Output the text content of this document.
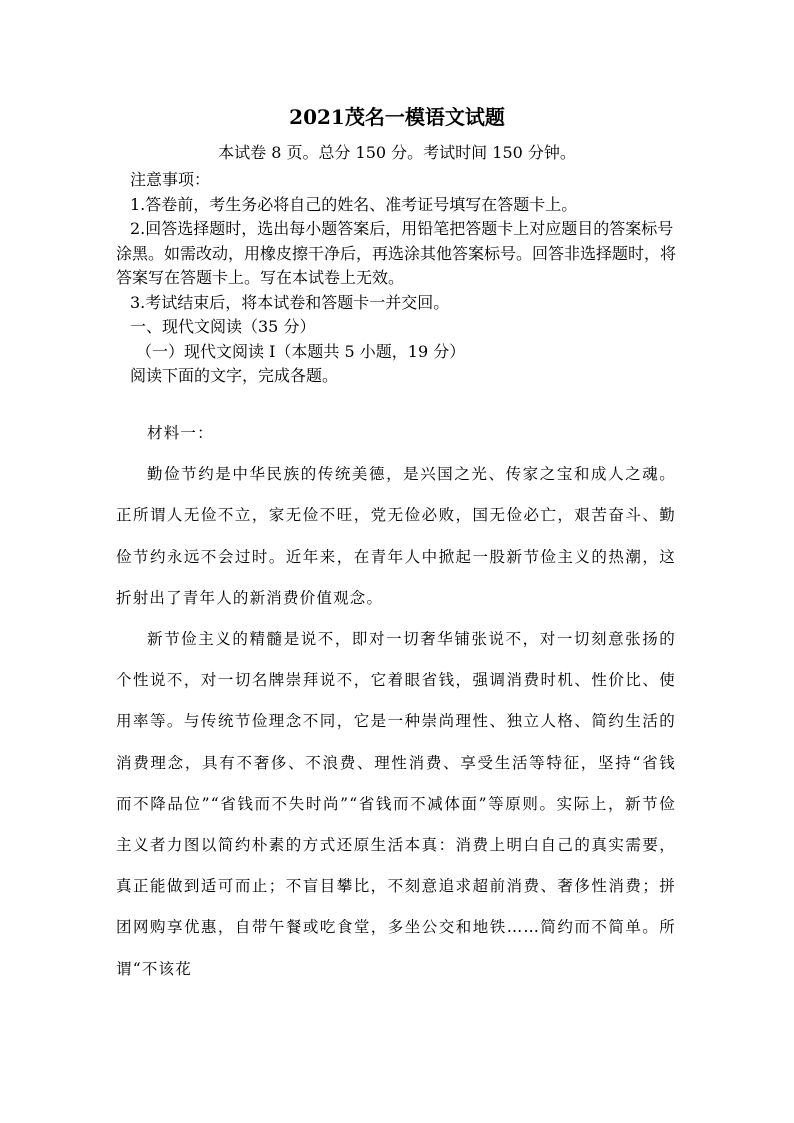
2021茂名一模语文试题
本试卷 8 页。总分 150 分。考试时间 150 分钟。

注意事项：

1.答卷前，考生务必将自己的姓名、准考证号填写在答题卡上。

2.回答选择题时，选出每小题答案后，用铅笔把答题卡上对应题目的答案标号涂黑。如需改动，用橡皮擦干净后，再选涂其他答案标号。回答非选择题时，将答案写在答题卡上。写在本试卷上无效。

3.考试结束后，将本试卷和答题卡一并交回。

一、现代文阅读（35 分）

（一）现代文阅读 I（本题共 5 小题，19 分）

阅读下面的文字，完成各题。

材料一：

勤俭节约是中华民族的传统美德，是兴国之光、传家之宝和成人之魂。正所谓人无俭不立，家无俭不旺，党无俭必败，国无俭必亡，艰苦奋斗、勤俭节约永远不会过时。近年来，在青年人中掀起一股新节俭主义的热潮，这折射出了青年人的新消费价值观念。

新节俭主义的精髓是说不，即对一切奢华铺张说不，对一切刻意张扬的个性说不，对一切名牌崇拜说不，它着眼省钱，强调消费时机、性价比、使用率等。与传统节俭理念不同，它是一种崇尚理性、独立人格、简约生活的消费理念，具有不奢侈、不浪费、理性消费、享受生活等特征，坚持“省钱而不降品位”“省钱而不失时尚”“省钱而不减体面”等原则。实际上，新节俭主义者力图以简约朴素的方式还原生活本真：消费上明白自己的真实需要，真正能做到适可而止；不盲目攀比，不刻意追求超前消费、奢侈性消费；拼团网购享优惠，自带午餐或吃食堂，多坐公交和地铁……简约而不简单。所谓“不该花
